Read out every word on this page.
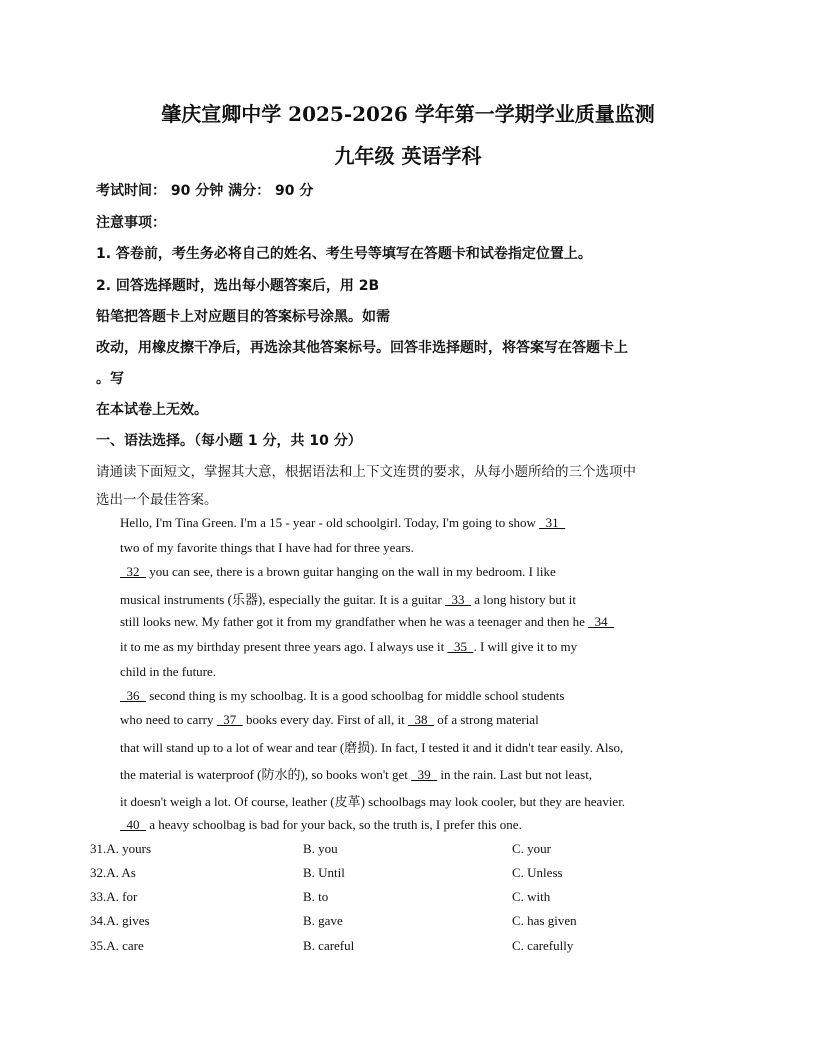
肇庆宣卿中学 2025-2026 学年第一学期学业质量监测
九年级 英语学科
考试时间： 90 分钟 满分： 90 分
注意事项：
1. 答卷前，考生务必将自己的姓名、考生号等填写在答题卡和试卷指定位置上。
2. 回答选择题时，选出每小题答案后，用 2B
铅笔把答题卡上对应题目的答案标号涂黑。如需
改动，用橡皮擦干净后，再选涂其他答案标号。回答非选择题时，将答案写在答题卡上
。写
在本试卷上无效。
一、语法选择。（每小题 1 分，共 10 分）
请通读下面短文，掌握其大意，根据语法和上下文连贯的要求，从每小题所给的三个选项中
选出一个最佳答案。
Hello, I'm Tina Green. I'm a 15 - year - old schoolgirl. Today, I'm going to show   31
two of my favorite things that I have had for three years.
32   you can see, there is a brown guitar hanging on the wall in my bedroom. I like
musical instruments (乐器), especially the guitar. It is a guitar   33   a long history but it
still looks new. My father got it from my grandfather when he was a teenager and then he   34
it to me as my birthday present three years ago. I always use it   35  . I will give it to my
child in the future.
36   second thing is my schoolbag. It is a good schoolbag for middle school students
who need to carry   37   books every day. First of all, it   38   of a strong material
that will stand up to a lot of wear and tear (磨损). In fact, I tested it and it didn't tear easily. Also,
the material is waterproof (防水的), so books won't get   39   in the rain. Last but not least,
it doesn't weigh a lot. Of course, leather (皮革) schoolbags may look cooler, but they are heavier.
40   a heavy schoolbag is bad for your back, so the truth is, I prefer this one.
31.A. yours	B. you	C. your
32.A. As	B. Until	C. Unless
33.A. for	B. to	C. with
34.A. gives	B. gave	C. has given
35.A. care	B. careful	C. carefully
